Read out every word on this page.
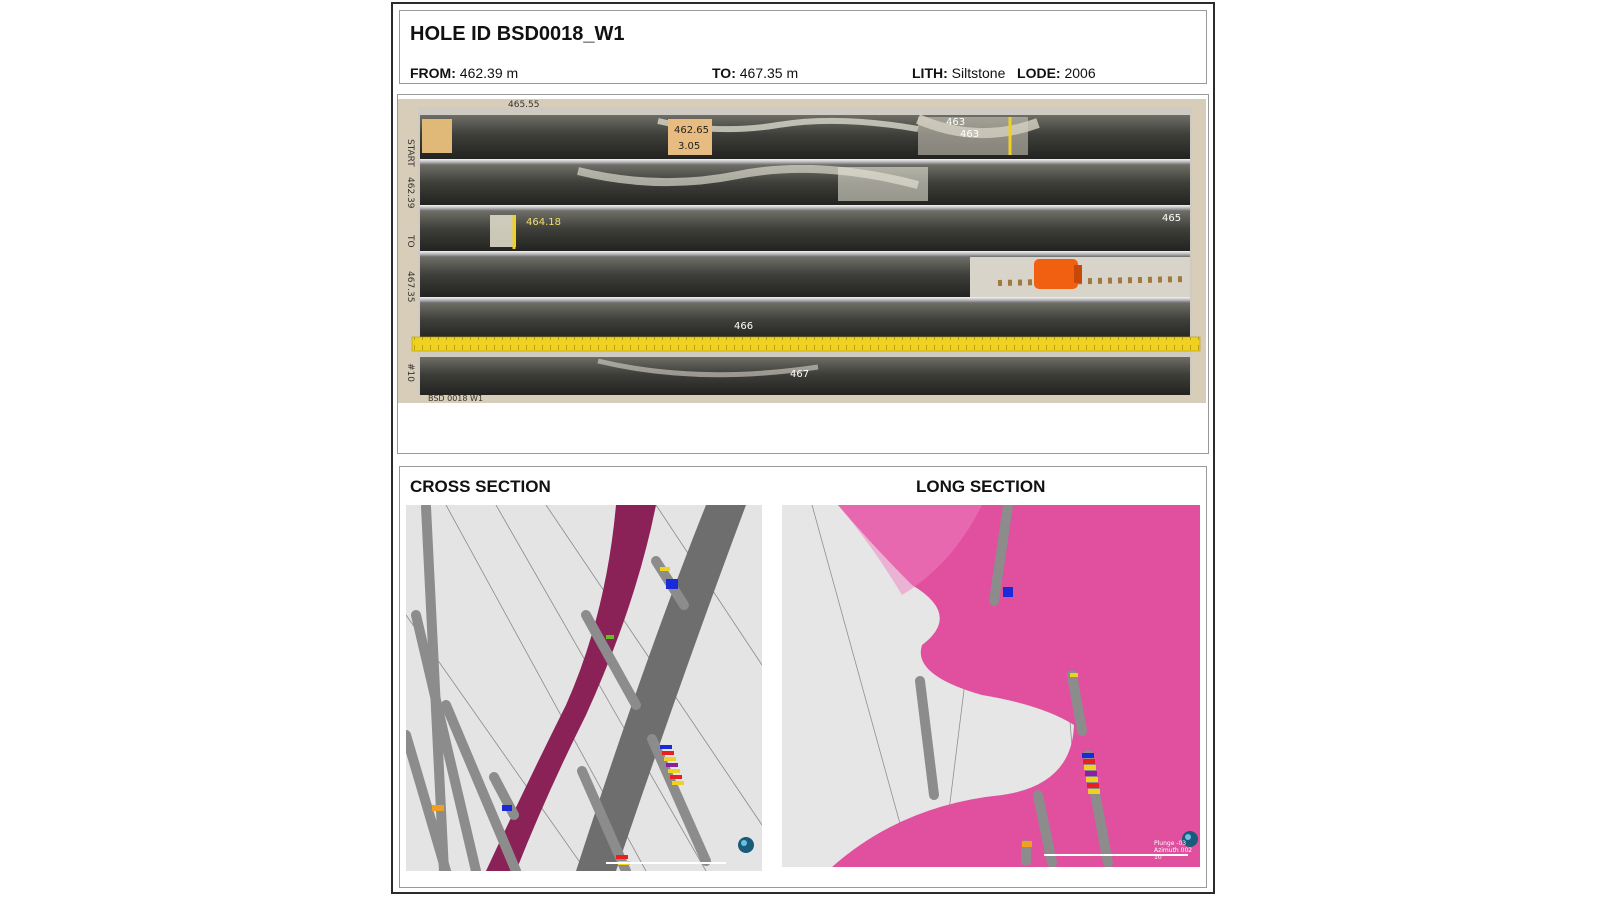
HOLE ID BSD0018_W1
FROM: 462.39 m	TO: 467.35 m	LITH: Siltstone LODE: 2006
462.65
3.05
463
463
464.18
466
467
465
START
462.39
TO
467.35
#10
465.55
BSD 0018 W1
CROSS SECTION	LONG SECTION
Plunge -03
Azimuth 002
10
